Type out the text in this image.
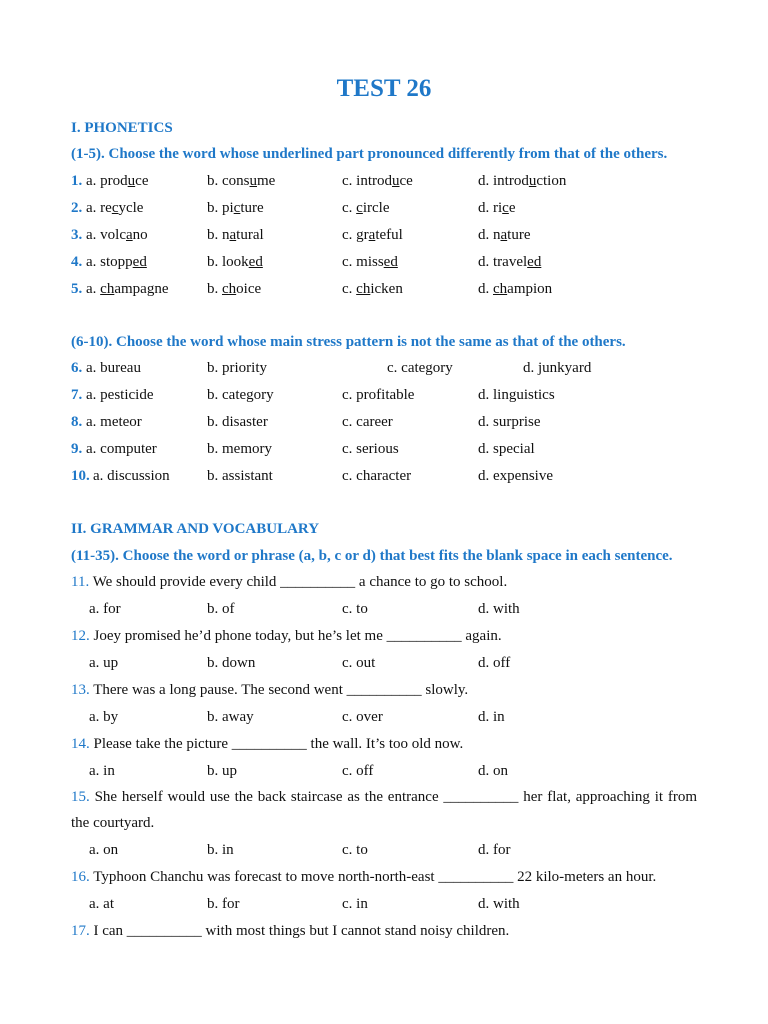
TEST 26
I. PHONETICS
(1-5). Choose the word whose underlined part pronounced differently from that of the others.
1. a. produce	b. consume	c. introduce	d. introduction
2. a. recycle	b. picture	c. circle	d. rice
3. a. volcano	b. natural	c. grateful	d. nature
4. a. stopped	b. looked	c. missed	d. traveled
5. a. champagne	b. choice	c. chicken	d. champion
(6-10). Choose the word whose main stress pattern is not the same as that of the others.
6. a. bureau	b. priority	c. category	d. junkyard
7. a. pesticide	b. category	c. profitable	d. linguistics
8. a. meteor	b. disaster	c. career	d. surprise
9. a. computer	b. memory	c. serious	d. special
10. a. discussion b. assistant	c. character	d. expensive
II. GRAMMAR AND VOCABULARY
(11-35). Choose the word or phrase (a, b, c or d) that best fits the blank space in each sentence.
11. We should provide every child __________ a chance to go to school.
a. for	b. of	c. to	d. with
12. Joey promised he’d phone today, but he’s let me __________ again.
a. up	b. down	c. out	d. off
13. There was a long pause. The second went __________ slowly.
a. by	b. away	c. over	d. in
14. Please take the picture __________ the wall. It’s too old now.
a. in	b. up	c. off	d. on
15. She herself would use the back staircase as the entrance __________ her flat, approaching it from the courtyard.
a. on	b. in	c. to	d. for
16. Typhoon Chanchu was forecast to move north-north-east __________ 22 kilo-meters an hour.
a. at	b. for	c. in	d. with
17. I can __________ with most things but I cannot stand noisy children.
